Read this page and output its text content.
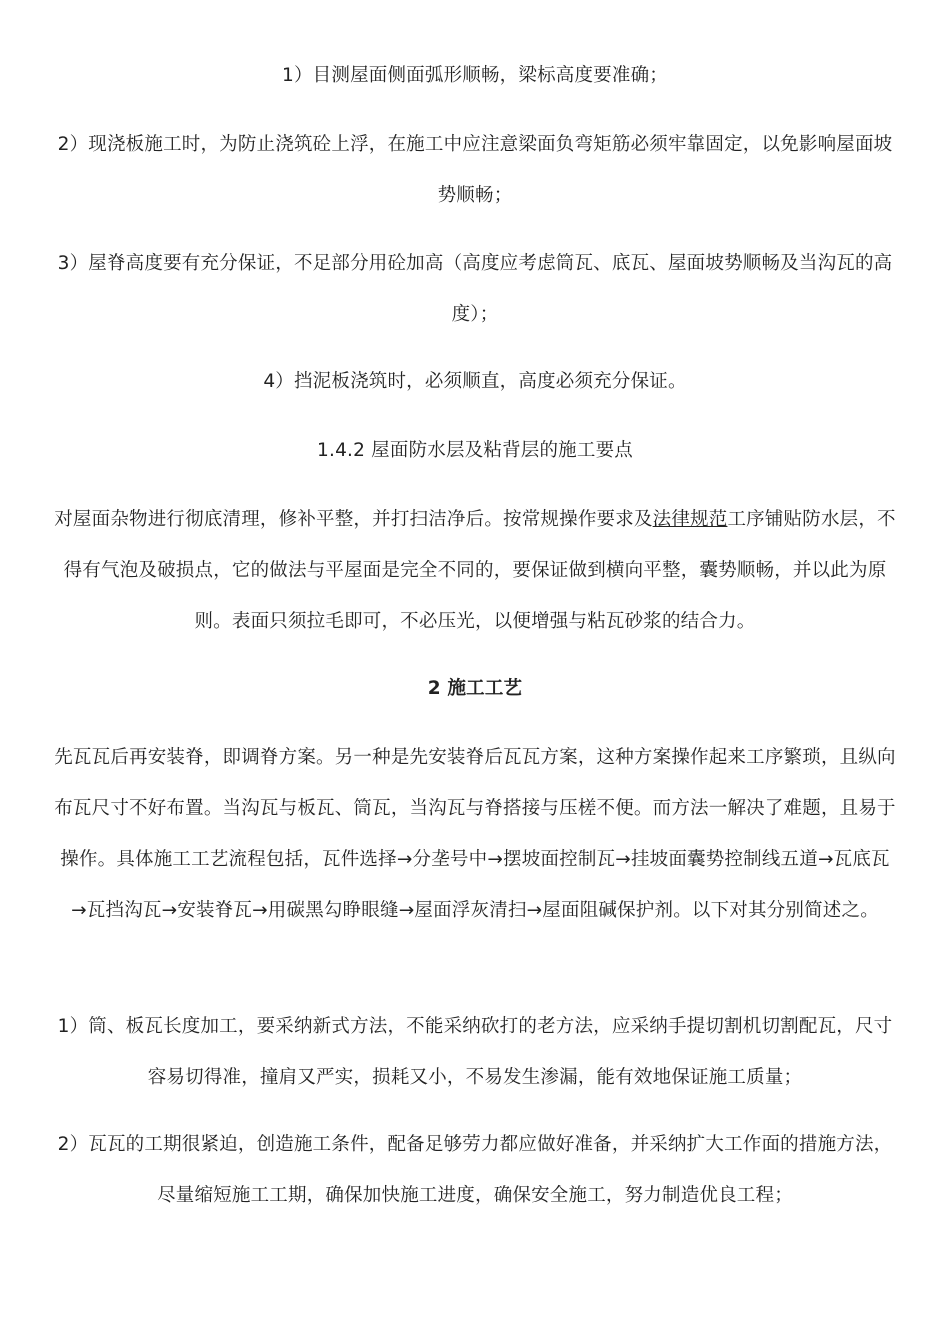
1）目测屋面侧面弧形顺畅，梁标高度要准确；

2）现浇板施工时，为防止浇筑砼上浮，在施工中应注意梁面负弯矩筋必须牢靠固定，以免影响屋面坡势顺畅；

3）屋脊高度要有充分保证，不足部分用砼加高（高度应考虑筒瓦、底瓦、屋面坡势顺畅及当沟瓦的高度）；

4）挡泥板浇筑时，必须顺直，高度必须充分保证。

1.4.2 屋面防水层及粘背层的施工要点

对屋面杂物进行彻底清理，修补平整，并打扫洁净后。按常规操作要求及法律规范工序铺贴防水层，不得有气泡及破损点，它的做法与平屋面是完全不同的，要保证做到横向平整，囊势顺畅，并以此为原则。表面只须拉毛即可，不必压光，以便增强与粘瓦砂浆的结合力。

2 施工工艺

先瓦瓦后再安装脊，即调脊方案。另一种是先安装脊后瓦瓦方案，这种方案操作起来工序繁琐，且纵向布瓦尺寸不好布置。当沟瓦与板瓦、筒瓦，当沟瓦与脊搭接与压槎不便。而方法一解决了难题，且易于操作。具体施工工艺流程包括，瓦件选择→分垄号中→摆坡面控制瓦→挂坡面囊势控制线五道→瓦底瓦→瓦挡沟瓦→安装脊瓦→用碳黑勾睁眼缝→屋面浮灰清扫→屋面阻碱保护剂。以下对其分别简述之。

1）筒、板瓦长度加工，要采纳新式方法，不能采纳砍打的老方法，应采纳手提切割机切割配瓦，尺寸容易切得准，撞肩又严实，损耗又小，不易发生渗漏，能有效地保证施工质量；

2）瓦瓦的工期很紧迫，创造施工条件，配备足够劳力都应做好准备，并采纳扩大工作面的措施方法，尽量缩短施工工期，确保加快施工进度，确保安全施工，努力制造优良工程；
